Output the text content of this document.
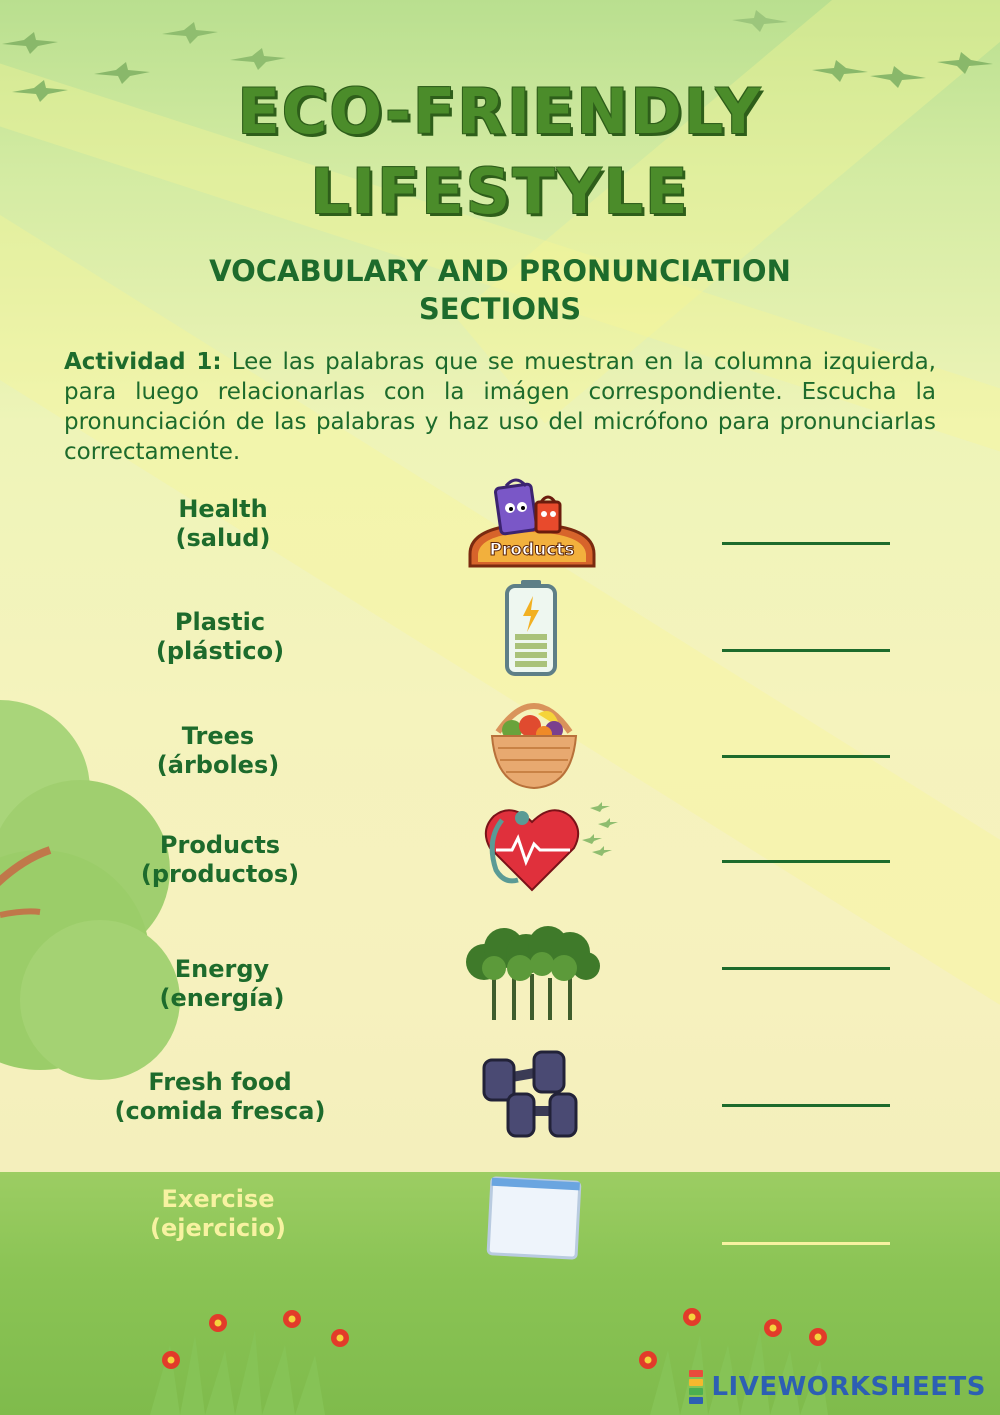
ECO-FRIENDLY
LIFESTYLE
VOCABULARY AND PRONUNCIATION SECTIONS

Actividad 1: Lee las palabras que se muestran en la columna izquierda, para luego relacionarlas con la imágen correspondiente. Escucha la pronunciación de las palabras y haz uso del micrófono para pronunciarlas correctamente.

Health
(salud)
Plastic
(plástico)
Trees
(árboles)
Products
(productos)
Energy
(energía)
Fresh food
(comida fresca)
Exercise
(ejercicio)
Products
LIVEWORKSHEETS
